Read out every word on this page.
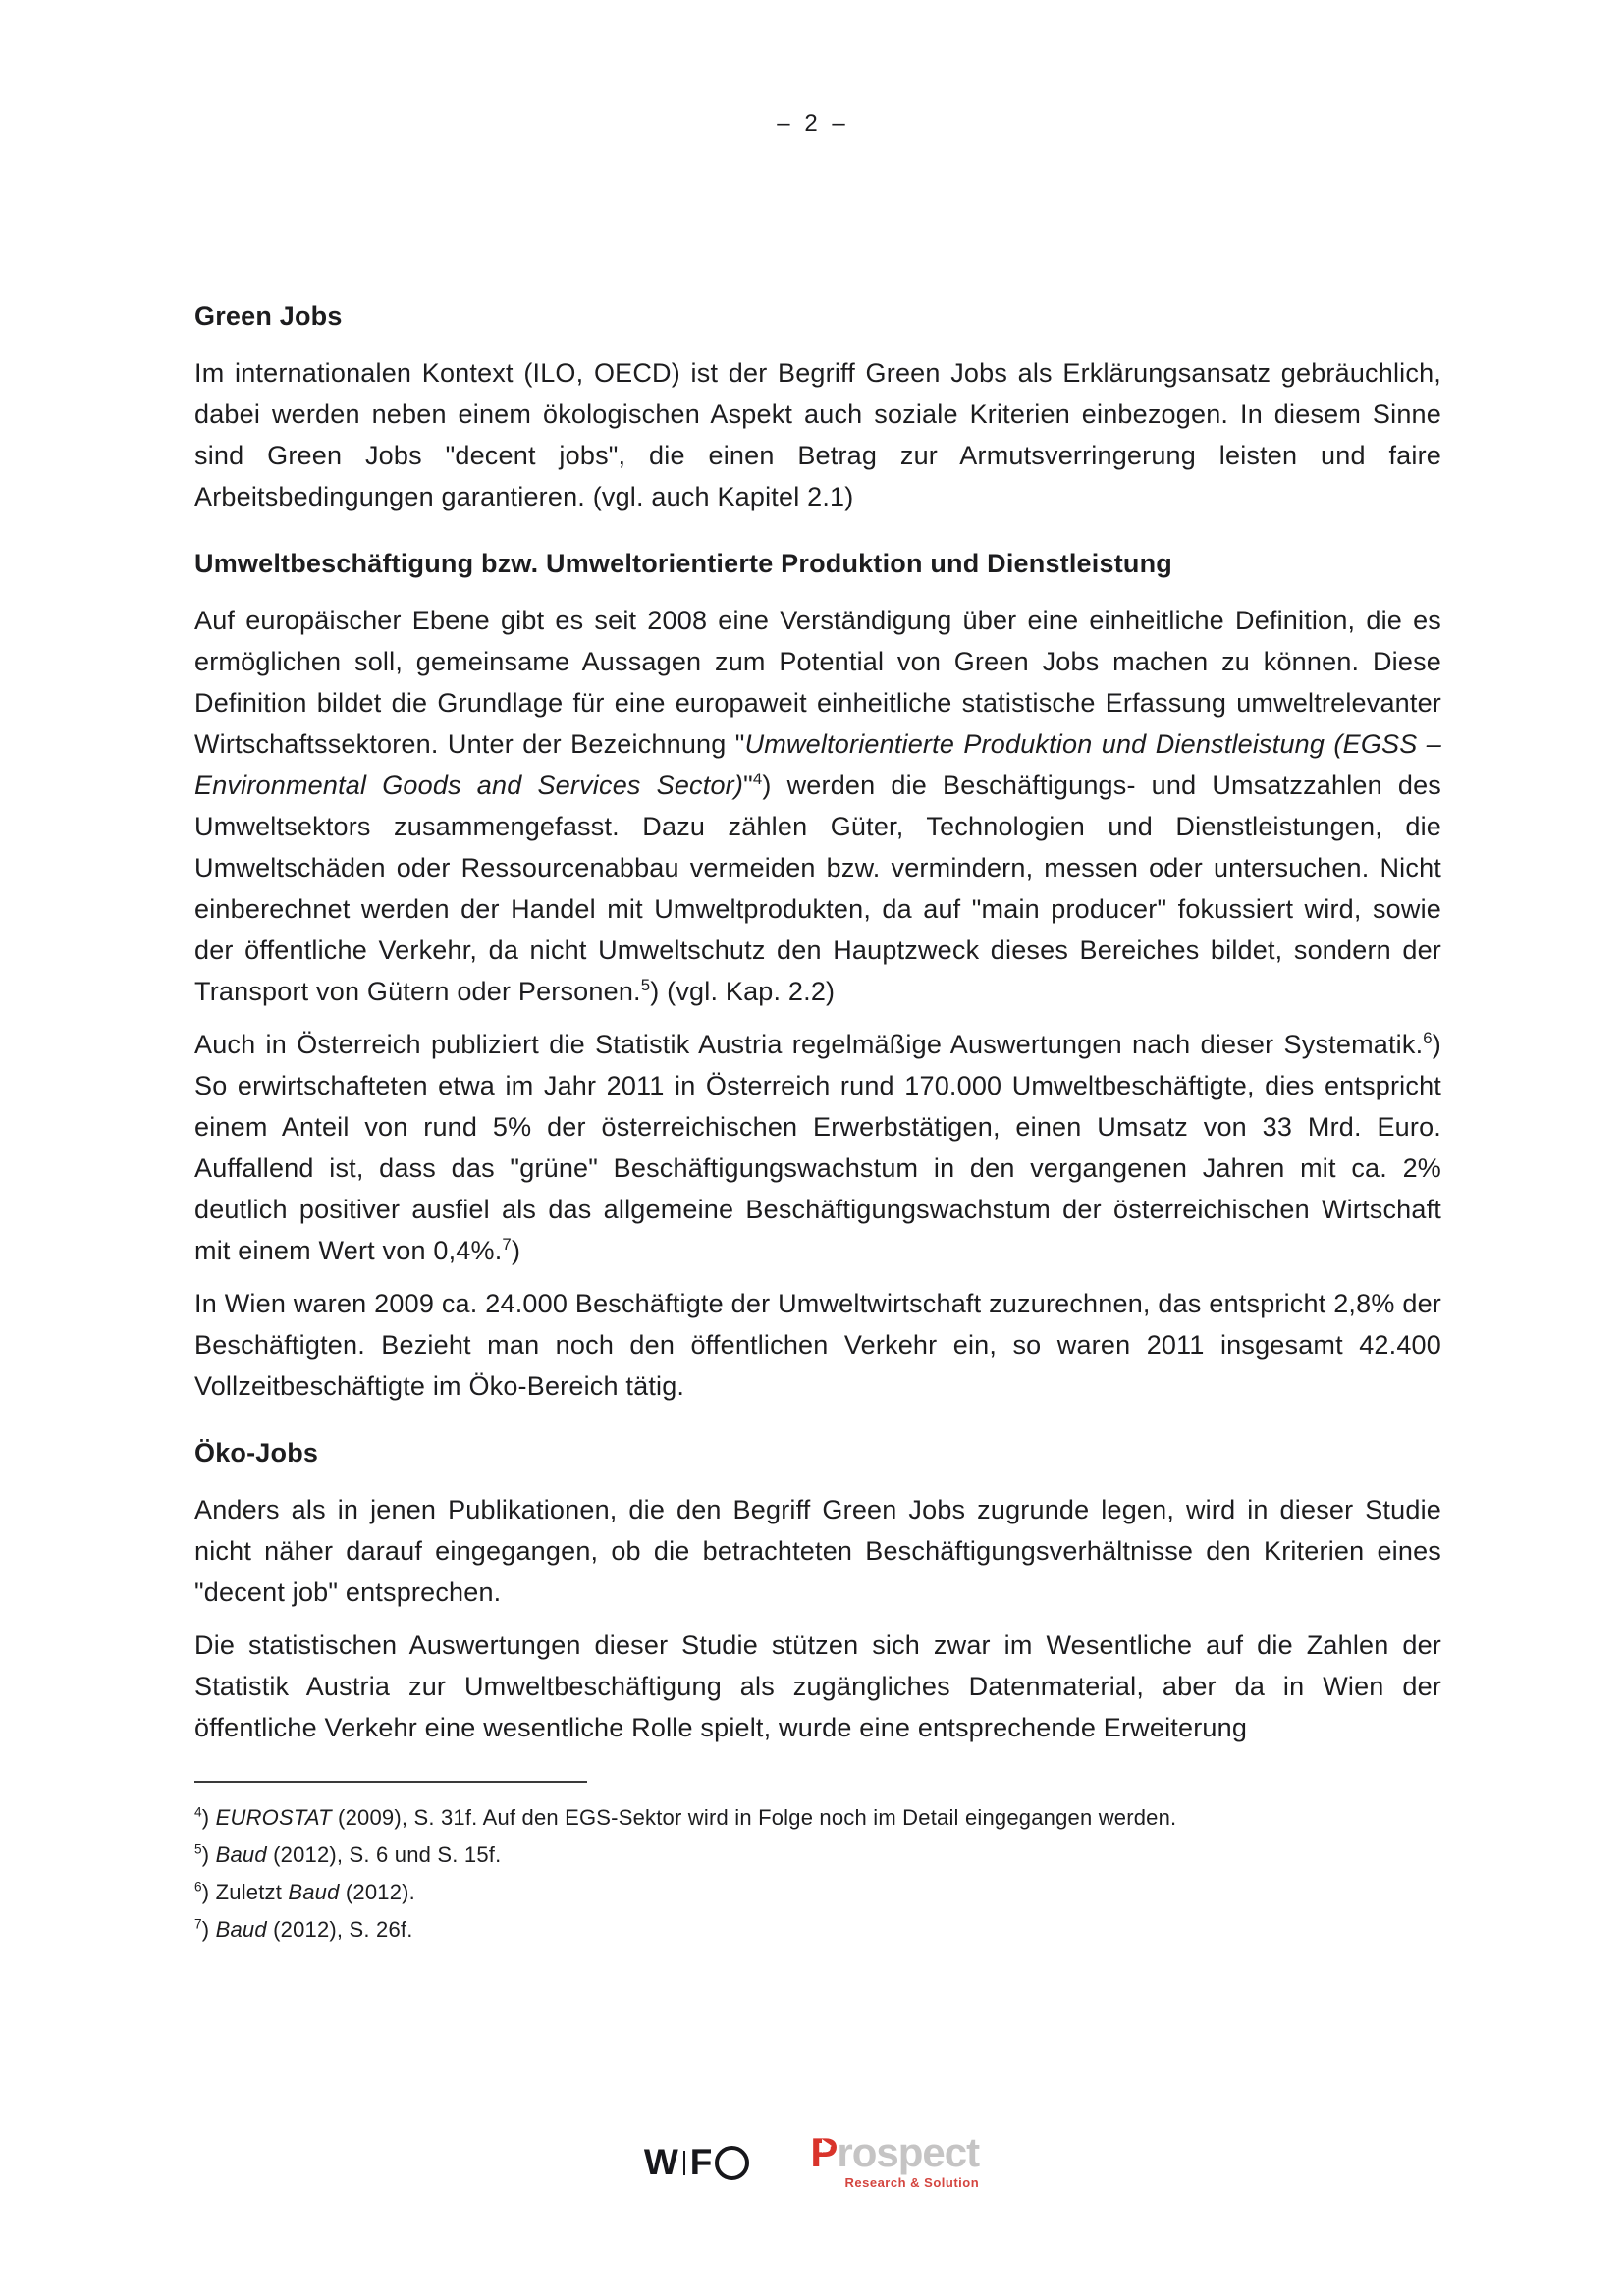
– 2 –
Green Jobs

Im internationalen Kontext (ILO, OECD) ist der Begriff Green Jobs als Erklärungsansatz gebräuchlich, dabei werden neben einem ökologischen Aspekt auch soziale Kriterien einbezogen. In diesem Sinne sind Green Jobs "decent jobs", die einen Betrag zur Armutsverringerung leisten und faire Arbeitsbedingungen garantieren. (vgl. auch Kapitel 2.1)

Umweltbeschäftigung bzw. Umweltorientierte Produktion und Dienstleistung

Auf europäischer Ebene gibt es seit 2008 eine Verständigung über eine einheitliche Definition, die es ermöglichen soll, gemeinsame Aussagen zum Potential von Green Jobs machen zu können. Diese Definition bildet die Grundlage für eine europaweit einheitliche statistische Erfassung umweltrelevanter Wirtschaftssektoren. Unter der Bezeichnung "Umweltorientierte Produktion und Dienstleistung (EGSS – Environmental Goods and Services Sector)"$^4$) werden die Beschäftigungs- und Umsatzzahlen des Umweltsektors zusammengefasst. Dazu zählen Güter, Technologien und Dienstleistungen, die Umweltschäden oder Ressourcenabbau vermeiden bzw. vermindern, messen oder untersuchen. Nicht einberechnet werden der Handel mit Umweltprodukten, da auf "main producer" fokussiert wird, sowie der öffentliche Verkehr, da nicht Umweltschutz den Hauptzweck dieses Bereiches bildet, sondern der Transport von Gütern oder Personen.$^5$) (vgl. Kap. 2.2)

Auch in Österreich publiziert die Statistik Austria regelmäßige Auswertungen nach dieser Systematik.$^6$) So erwirtschafteten etwa im Jahr 2011 in Österreich rund 170.000 Umweltbeschäftigte, dies entspricht einem Anteil von rund 5% der österreichischen Erwerbstätigen, einen Umsatz von 33 Mrd. Euro. Auffallend ist, dass das "grüne" Beschäftigungswachstum in den vergangenen Jahren mit ca. 2% deutlich positiver ausfiel als das allgemeine Beschäftigungswachstum der österreichischen Wirtschaft mit einem Wert von 0,4%.$^7$)

In Wien waren 2009 ca. 24.000 Beschäftigte der Umweltwirtschaft zuzurechnen, das entspricht 2,8% der Beschäftigten. Bezieht man noch den öffentlichen Verkehr ein, so waren 2011 insgesamt 42.400 Vollzeitbeschäftigte im Öko-Bereich tätig.

Öko-Jobs

Anders als in jenen Publikationen, die den Begriff Green Jobs zugrunde legen, wird in dieser Studie nicht näher darauf eingegangen, ob die betrachteten Beschäftigungsverhältnisse den Kriterien eines "decent job" entsprechen.

Die statistischen Auswertungen dieser Studie stützen sich zwar im Wesentliche auf die Zahlen der Statistik Austria zur Umweltbeschäftigung als zugängliches Datenmaterial, aber da in Wien der öffentliche Verkehr eine wesentliche Rolle spielt, wurde eine entsprechende Erweiterung

$^4$) EUROSTAT (2009), S. 31f. Auf den EGS-Sektor wird in Folge noch im Detail eingegangen werden.

$^5$) Baud (2012), S. 6 und S. 15f.

$^6$) Zuletzt Baud (2012).

$^7$) Baud (2012), S. 26f.

W F Prospect
Research & Solution
